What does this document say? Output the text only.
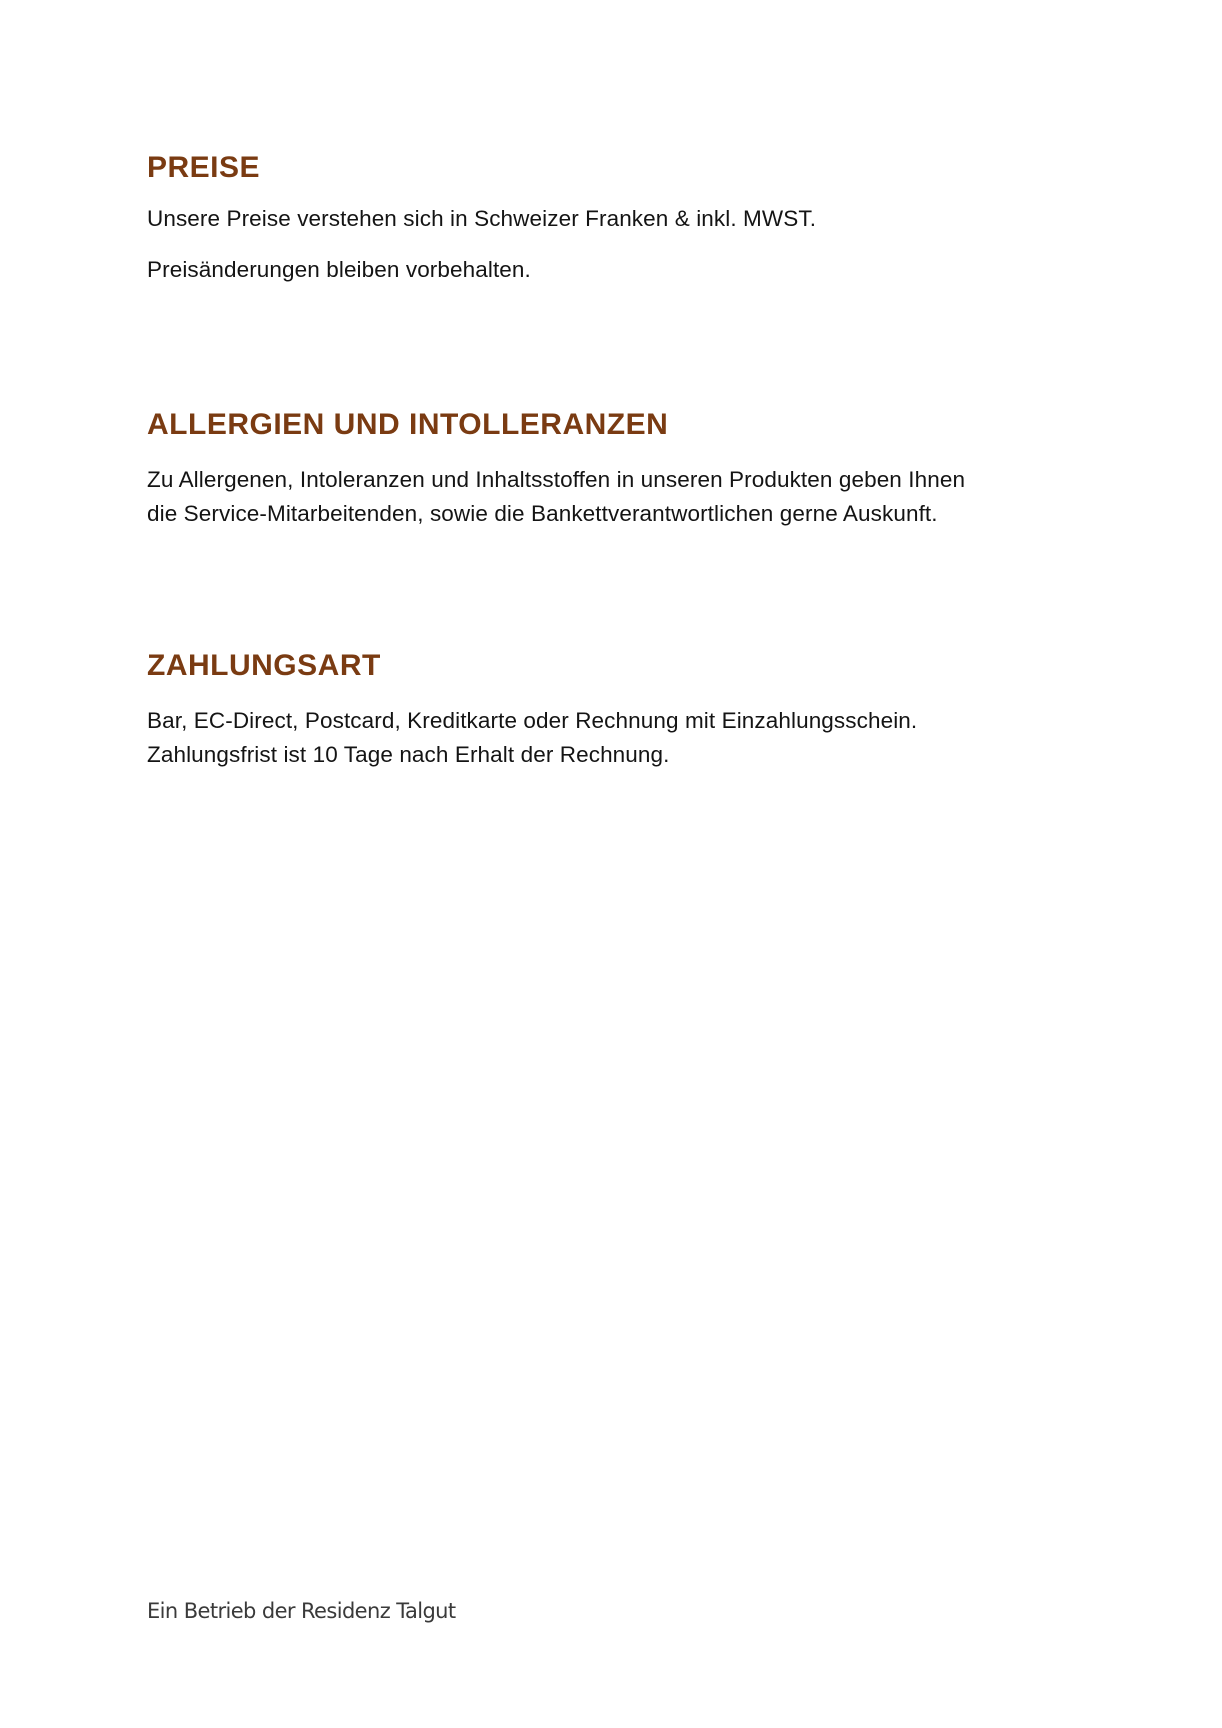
PREISE

Unsere Preise verstehen sich in Schweizer Franken & inkl. MWST.

Preisänderungen bleiben vorbehalten.

ALLERGIEN UND INTOLLERANZEN
Zu Allergenen, Intoleranzen und Inhaltsstoffen in unseren Produkten geben Ihnen
die Service-Mitarbeitenden, sowie die Bankettverantwortlichen gerne Auskunft.
ZAHLUNGSART
Bar, EC-Direct, Postcard, Kreditkarte oder Rechnung mit Einzahlungsschein.
Zahlungsfrist ist 10 Tage nach Erhalt der Rechnung.
Ein Betrieb der Residenz Talgut
